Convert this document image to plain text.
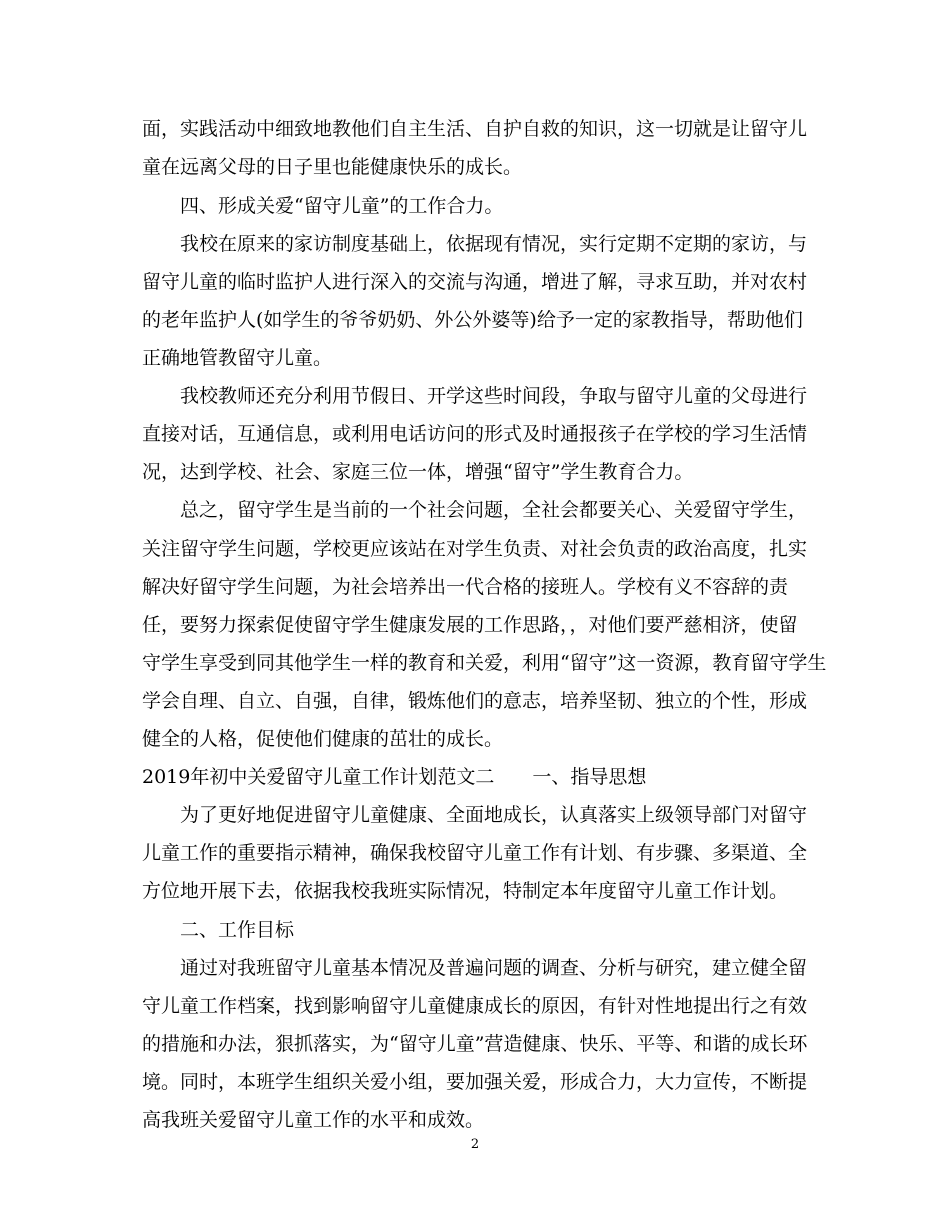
面，实践活动中细致地教他们自主生活、自护自救的知识，这一切就是让留守儿
童在远离父母的日子里也能健康快乐的成长。
四、形成关爱“留守儿童”的工作合力。
我校在原来的家访制度基础上，依据现有情况，实行定期不定期的家访，与
留守儿童的临时监护人进行深入的交流与沟通，增进了解，寻求互助，并对农村
的老年监护人(如学生的爷爷奶奶、外公外婆等)给予一定的家教指导，帮助他们
正确地管教留守儿童。
我校教师还充分利用节假日、开学这些时间段，争取与留守儿童的父母进行
直接对话，互通信息，或利用电话访问的形式及时通报孩子在学校的学习生活情
况，达到学校、社会、家庭三位一体，增强“留守”学生教育合力。
总之，留守学生是当前的一个社会问题，全社会都要关心、关爱留守学生，
关注留守学生问题，学校更应该站在对学生负责、对社会负责的政治高度，扎实
解决好留守学生问题，为社会培养出一代合格的接班人。学校有义不容辞的责
任，要努力探索促使留守学生健康发展的工作思路，，对他们要严慈相济，使留
守学生享受到同其他学生一样的教育和关爱，利用“留守”这一资源，教育留守学生
学会自理、自立、自强，自律，锻炼他们的意志，培养坚韧、独立的个性，形成
健全的人格，促使他们健康的茁壮的成长。
2019年初中关爱留守儿童工作计划范文二　　一、指导思想
为了更好地促进留守儿童健康、全面地成长，认真落实上级领导部门对留守
儿童工作的重要指示精神，确保我校留守儿童工作有计划、有步骤、多渠道、全
方位地开展下去，依据我校我班实际情况，特制定本年度留守儿童工作计划。
二、工作目标
通过对我班留守儿童基本情况及普遍问题的调查、分析与研究，建立健全留
守儿童工作档案，找到影响留守儿童健康成长的原因，有针对性地提出行之有效
的措施和办法，狠抓落实，为“留守儿童”营造健康、快乐、平等、和谐的成长环
境。同时，本班学生组织关爱小组，要加强关爱，形成合力，大力宣传，不断提
高我班关爱留守儿童工作的水平和成效。
2
